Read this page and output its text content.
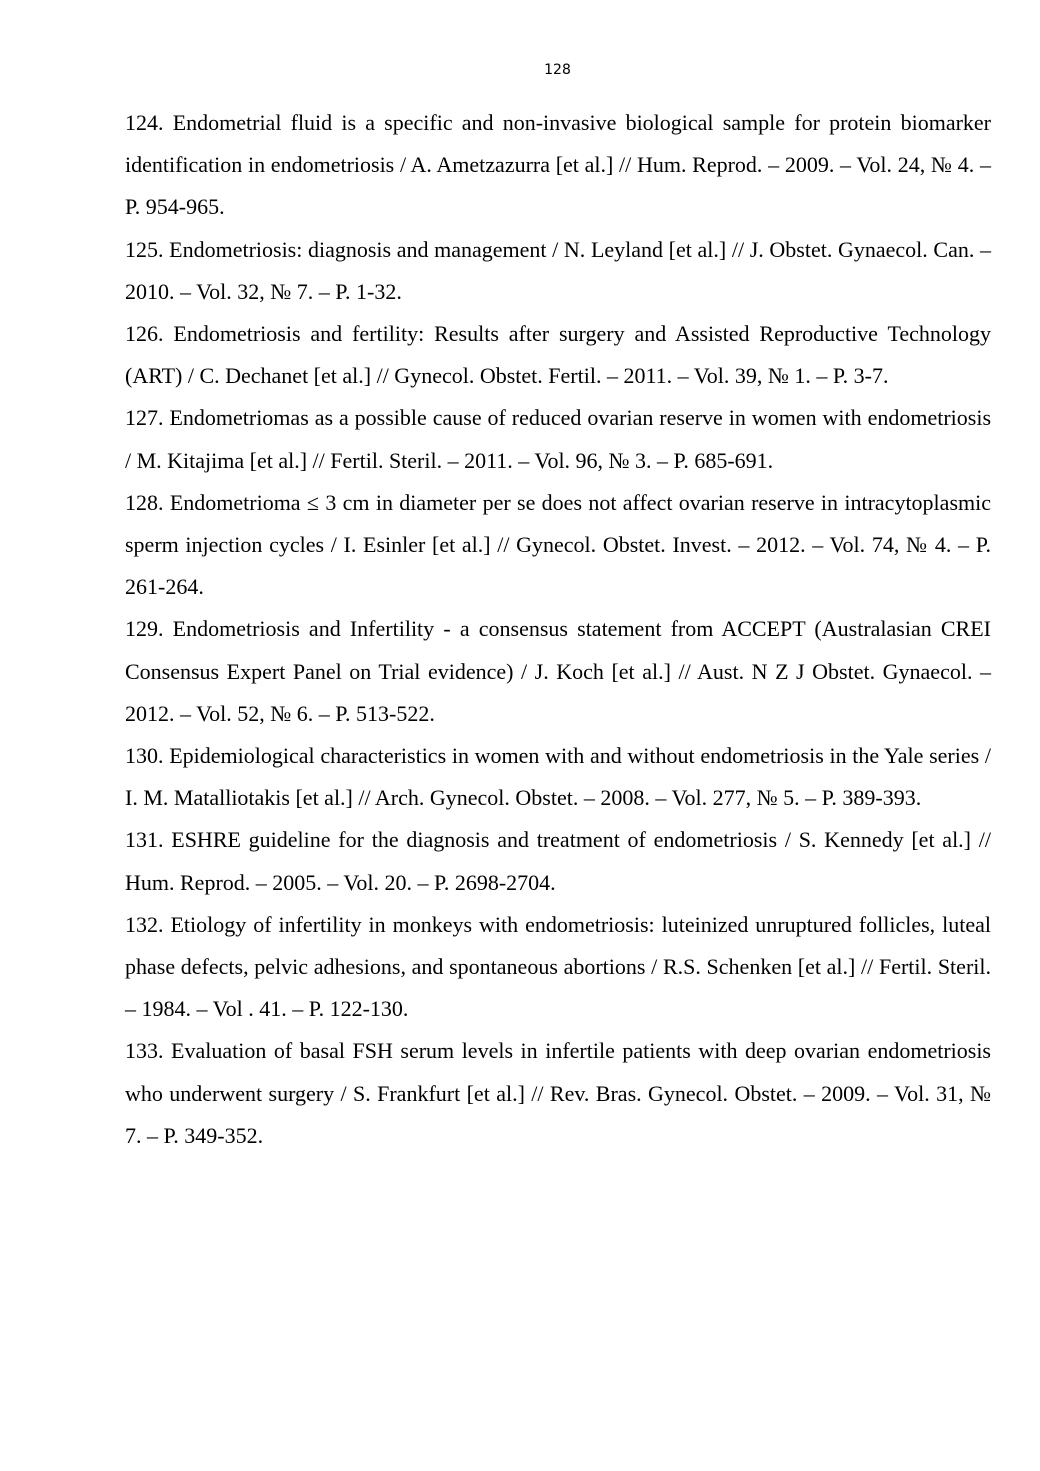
128

124. Endometrial fluid is a specific and non-invasive biological sample for protein biomarker identification in endometriosis / A. Ametzazurra [et al.] // Hum. Reprod. – 2009. – Vol. 24, № 4. –P. 954-965.

125. Endometriosis: diagnosis and management / N. Leyland [et al.] // J. Obstet. Gynaecol. Can. – 2010. – Vol. 32, № 7. – P. 1-32.

126. Endometriosis and fertility: Results after surgery and Assisted Reproductive Technology (ART) / C. Dechanet [et al.] // Gynecol. Obstet. Fertil. – 2011. – Vol. 39, № 1. – P. 3-7.

127. Endometriomas as a possible cause of reduced ovarian reserve in women with endometriosis / M. Kitajima [et al.] // Fertil. Steril. – 2011. – Vol. 96, № 3. – P. 685-691.

128. Endometrioma ≤ 3 cm in diameter per se does not affect ovarian reserve in intracytoplasmic sperm injection cycles / I. Esinler [et al.] // Gynecol. Obstet. Invest. – 2012. – Vol. 74, № 4. – P. 261-264.

129. Endometriosis and Infertility - a consensus statement from ACCEPT (Australasian CREI Consensus Expert Panel on Trial evidence) / J. Koch [et al.] // Aust. N Z J Obstet. Gynaecol. – 2012. – Vol. 52, № 6. – P. 513-522.

130. Epidemiological characteristics in women with and without endometriosis in the Yale series / I. M. Matalliotakis [et al.] // Arch. Gynecol. Obstet. – 2008. – Vol. 277, № 5. – P. 389-393.

131. ESHRE guideline for the diagnosis and treatment of endometriosis / S. Kennedy [et al.] // Hum. Reprod. – 2005. – Vol. 20. – P. 2698-2704.

132. Etiology of infertility in monkeys with endometriosis: luteinized unruptured follicles, luteal phase defects, pelvic adhesions, and spontaneous abortions / R.S. Schenken [et al.] // Fertil. Steril. – 1984. – Vol . 41. – P. 122-130.

133. Evaluation of basal FSH serum levels in infertile patients with deep ovarian endometriosis who underwent surgery / S. Frankfurt [et al.] // Rev. Bras. Gynecol. Obstet. – 2009. – Vol. 31, № 7. – P. 349-352.
